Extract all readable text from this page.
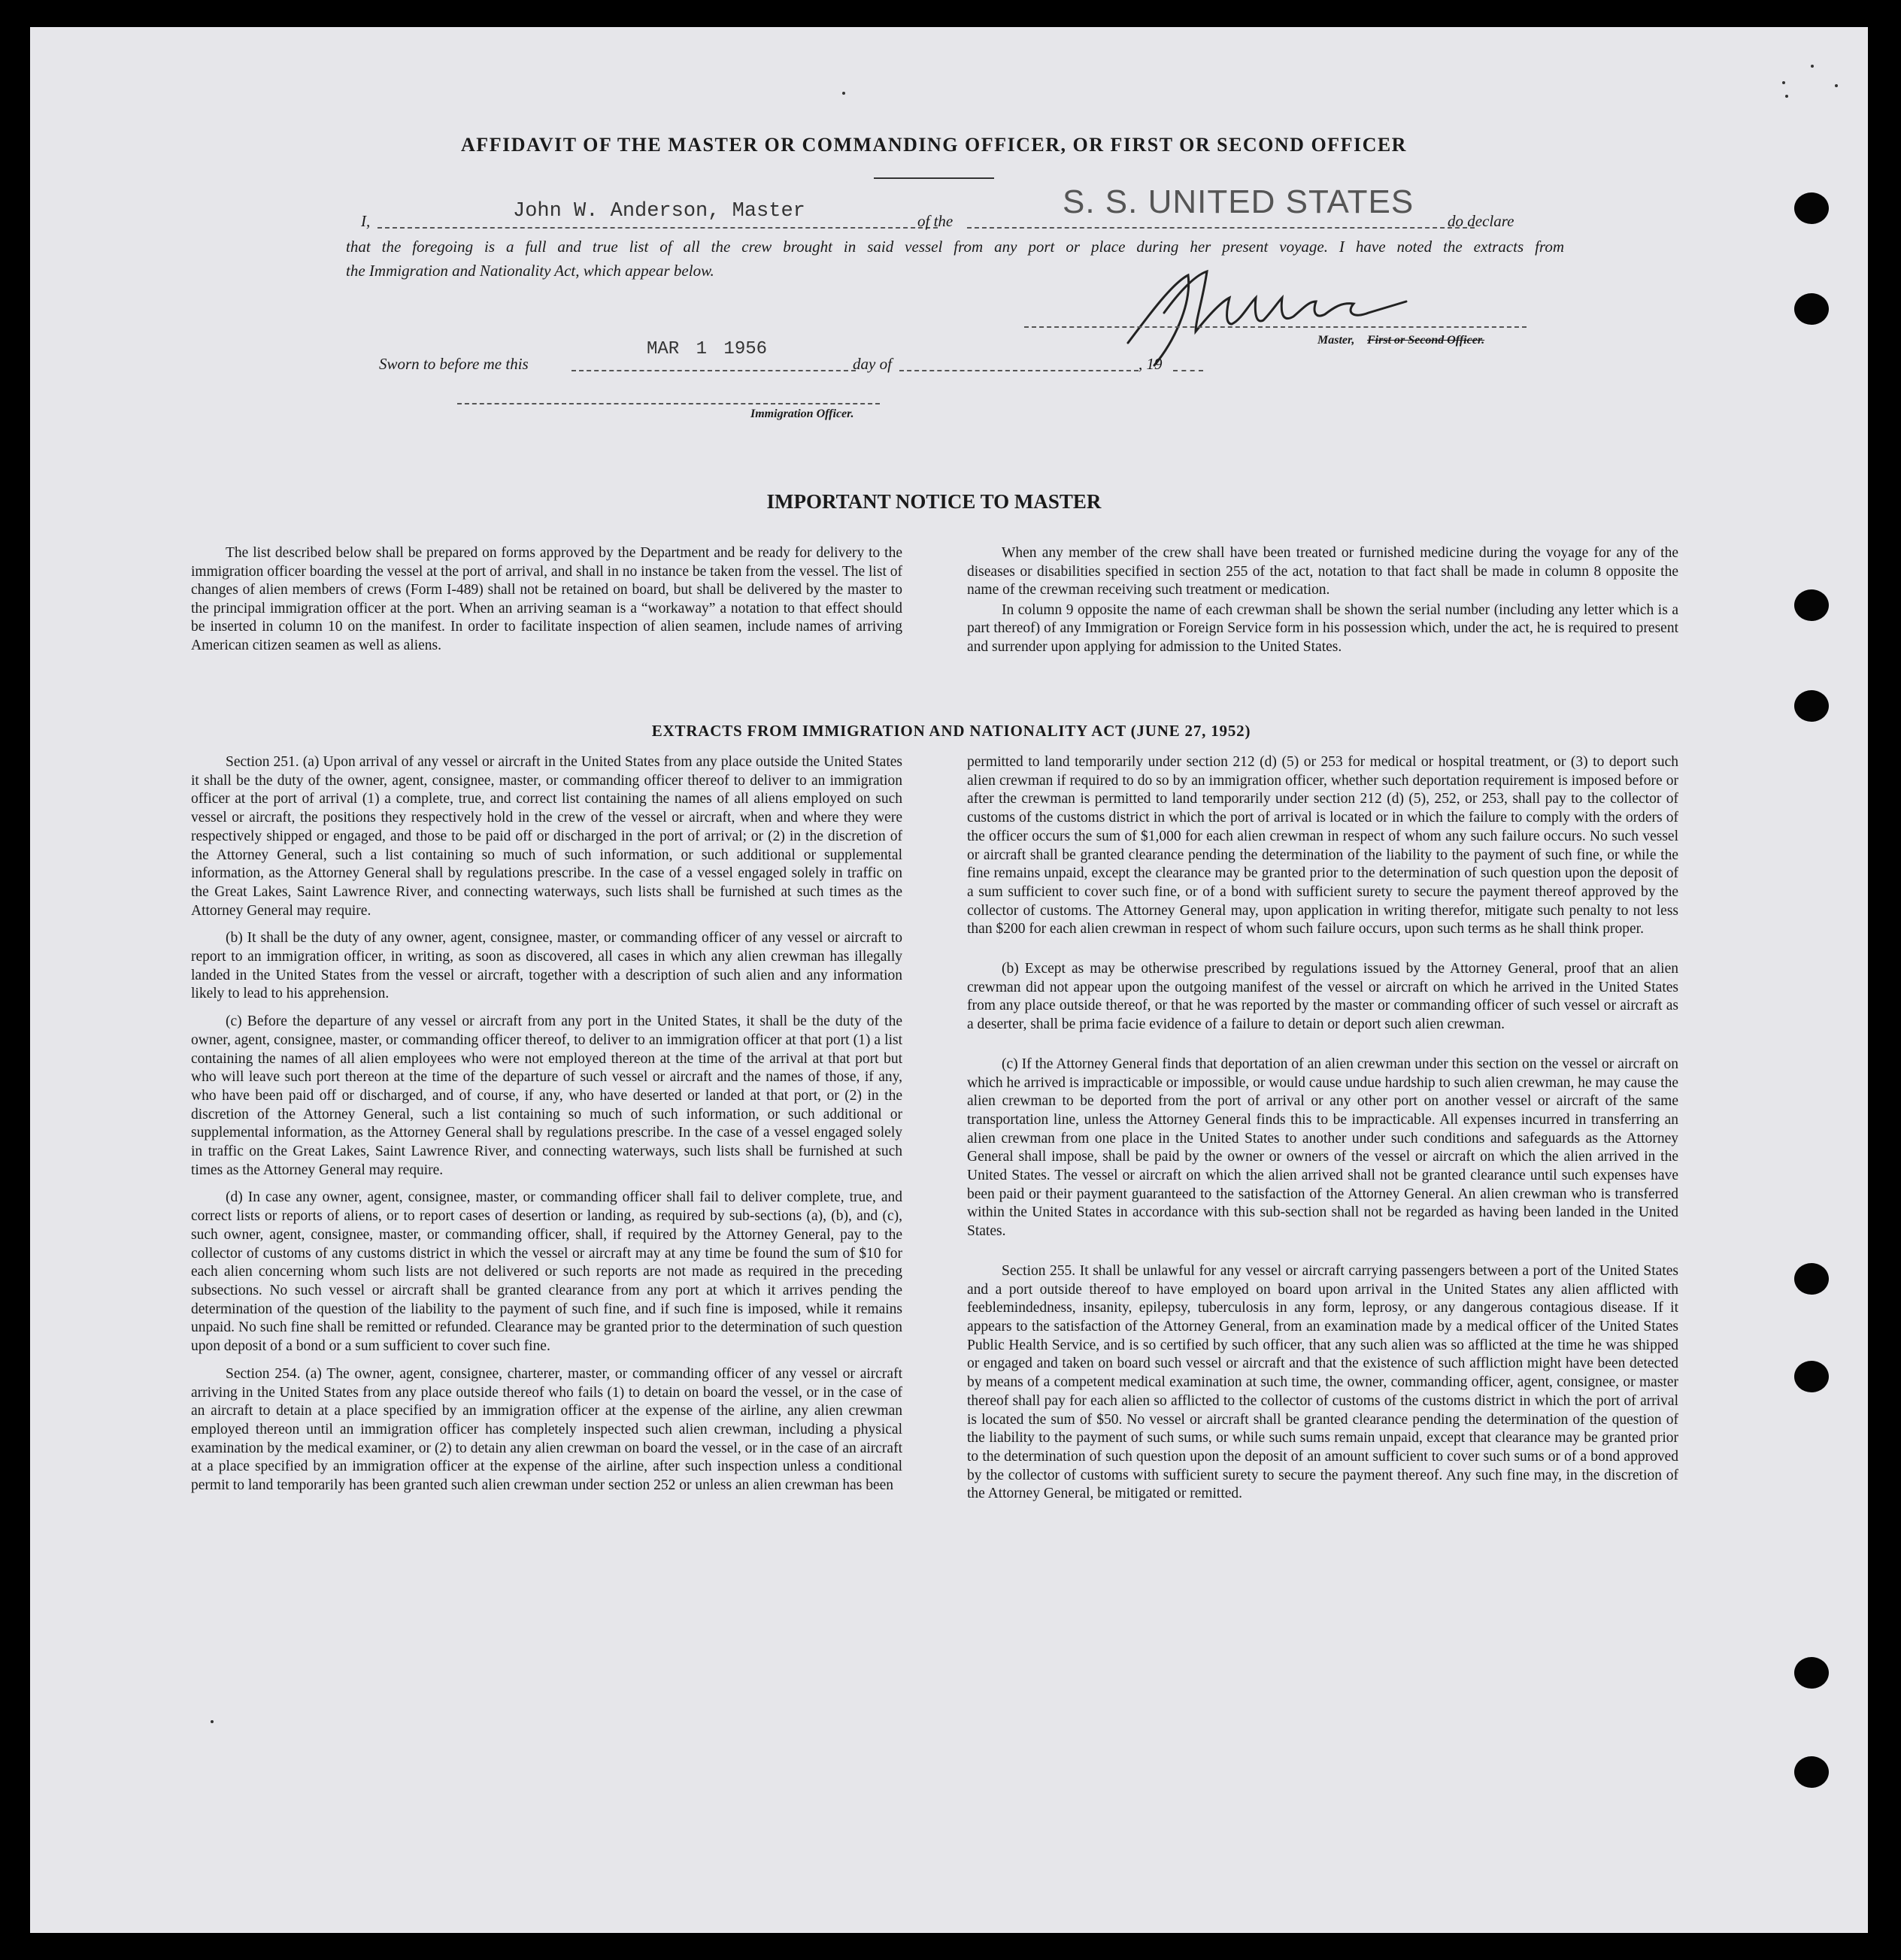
AFFIDAVIT OF THE MASTER OR COMMANDING OFFICER, OR FIRST OR SECOND OFFICER
I,	John W. Anderson, Master	of the
S. S. UNITED STATES
do declare
that the foregoing is a full and true list of all the crew brought in said vessel from any port or place during her present voyage. I have noted the extracts from
the Immigration and Nationality Act, which appear below.
Master, First or Second Officer.
Sworn to before me this
MAR 1 1956
day of	, 19
Immigration Officer.
IMPORTANT NOTICE TO MASTER

The list described below shall be prepared on forms approved by the Department and be ready for delivery to the immigration officer boarding the vessel at the port of arrival, and shall in no instance be taken from the vessel. The list of changes of alien members of crews (Form I-489) shall not be retained on board, but shall be delivered by the master to the principal immigration officer at the port. When an arriving seaman is a “workaway” a notation to that effect should be inserted in column 10 on the manifest. In order to facilitate inspection of alien seamen, include names of arriving American citizen seamen as well as aliens.

When any member of the crew shall have been treated or furnished medicine during the voyage for any of the diseases or disabilities specified in section 255 of the act, notation to that fact shall be made in column 8 opposite the name of the crewman receiving such treatment or medication.

In column 9 opposite the name of each crewman shall be shown the serial number (including any letter which is a part thereof) of any Immigration or Foreign Service form in his possession which, under the act, he is required to present and surrender upon applying for admission to the United States.

EXTRACTS FROM IMMIGRATION AND NATIONALITY ACT (JUNE 27, 1952)

Section 251. (a) Upon arrival of any vessel or aircraft in the United States from any place outside the United States it shall be the duty of the owner, agent, consignee, master, or commanding officer thereof to deliver to an immigration officer at the port of arrival (1) a complete, true, and correct list containing the names of all aliens employed on such vessel or aircraft, the positions they respectively hold in the crew of the vessel or aircraft, when and where they were respectively shipped or engaged, and those to be paid off or discharged in the port of arrival; or (2) in the discretion of the Attorney General, such a list containing so much of such information, or such additional or supplemental information, as the Attorney General shall by regulations prescribe. In the case of a vessel engaged solely in traffic on the Great Lakes, Saint Lawrence River, and connecting waterways, such lists shall be furnished at such times as the Attorney General may require.

(b) It shall be the duty of any owner, agent, consignee, master, or commanding officer of any vessel or aircraft to report to an immigration officer, in writing, as soon as discovered, all cases in which any alien crewman has illegally landed in the United States from the vessel or aircraft, together with a description of such alien and any information likely to lead to his apprehension.

(c) Before the departure of any vessel or aircraft from any port in the United States, it shall be the duty of the owner, agent, consignee, master, or commanding officer thereof, to deliver to an immigration officer at that port (1) a list containing the names of all alien employees who were not employed thereon at the time of the arrival at that port but who will leave such port thereon at the time of the departure of such vessel or aircraft and the names of those, if any, who have been paid off or discharged, and of course, if any, who have deserted or landed at that port, or (2) in the discretion of the Attorney General, such a list containing so much of such information, or such additional or supplemental information, as the Attorney General shall by regulations prescribe. In the case of a vessel engaged solely in traffic on the Great Lakes, Saint Lawrence River, and connecting waterways, such lists shall be furnished at such times as the Attorney General may require.

(d) In case any owner, agent, consignee, master, or commanding officer shall fail to deliver complete, true, and correct lists or reports of aliens, or to report cases of desertion or landing, as required by sub-sections (a), (b), and (c), such owner, agent, consignee, master, or commanding officer, shall, if required by the Attorney General, pay to the collector of customs of any customs district in which the vessel or aircraft may at any time be found the sum of $10 for each alien concerning whom such lists are not delivered or such reports are not made as required in the preceding subsections. No such vessel or aircraft shall be granted clearance from any port at which it arrives pending the determination of the question of the liability to the payment of such fine, and if such fine is imposed, while it remains unpaid. No such fine shall be remitted or refunded. Clearance may be granted prior to the determination of such question upon deposit of a bond or a sum sufficient to cover such fine.

Section 254. (a) The owner, agent, consignee, charterer, master, or commanding officer of any vessel or aircraft arriving in the United States from any place outside thereof who fails (1) to detain on board the vessel, or in the case of an aircraft to detain at a place specified by an immigration officer at the expense of the airline, any alien crewman employed thereon until an immigration officer has completely inspected such alien crewman, including a physical examination by the medical examiner, or (2) to detain any alien crewman on board the vessel, or in the case of an aircraft at a place specified by an immigration officer at the expense of the airline, after such inspection unless a conditional permit to land temporarily has been granted such alien crewman under section 252 or unless an alien crewman has been

permitted to land temporarily under section 212 (d) (5) or 253 for medical or hospital treatment, or (3) to deport such alien crewman if required to do so by an immigration officer, whether such deportation requirement is imposed before or after the crewman is permitted to land temporarily under section 212 (d) (5), 252, or 253, shall pay to the collector of customs of the customs district in which the port of arrival is located or in which the failure to comply with the orders of the officer occurs the sum of $1,000 for each alien crewman in respect of whom any such failure occurs. No such vessel or aircraft shall be granted clearance pending the determination of the liability to the payment of such fine, or while the fine remains unpaid, except the clearance may be granted prior to the determination of such question upon the deposit of a sum sufficient to cover such fine, or of a bond with sufficient surety to secure the payment thereof approved by the collector of customs. The Attorney General may, upon application in writing therefor, mitigate such penalty to not less than $200 for each alien crewman in respect of whom such failure occurs, upon such terms as he shall think proper.

(b) Except as may be otherwise prescribed by regulations issued by the Attorney General, proof that an alien crewman did not appear upon the outgoing manifest of the vessel or aircraft on which he arrived in the United States from any place outside thereof, or that he was reported by the master or commanding officer of such vessel or aircraft as a deserter, shall be prima facie evidence of a failure to detain or deport such alien crewman.

(c) If the Attorney General finds that deportation of an alien crewman under this section on the vessel or aircraft on which he arrived is impracticable or impossible, or would cause undue hardship to such alien crewman, he may cause the alien crewman to be deported from the port of arrival or any other port on another vessel or aircraft of the same transportation line, unless the Attorney General finds this to be impracticable. All expenses incurred in transferring an alien crewman from one place in the United States to another under such conditions and safeguards as the Attorney General shall impose, shall be paid by the owner or owners of the vessel or aircraft on which the alien arrived in the United States. The vessel or aircraft on which the alien arrived shall not be granted clearance until such expenses have been paid or their payment guaranteed to the satisfaction of the Attorney General. An alien crewman who is transferred within the United States in accordance with this sub-section shall not be regarded as having been landed in the United States.

Section 255. It shall be unlawful for any vessel or aircraft carrying passengers between a port of the United States and a port outside thereof to have employed on board upon arrival in the United States any alien afflicted with feeblemindedness, insanity, epilepsy, tuberculosis in any form, leprosy, or any dangerous contagious disease. If it appears to the satisfaction of the Attorney General, from an examination made by a medical officer of the United States Public Health Service, and is so certified by such officer, that any such alien was so afflicted at the time he was shipped or engaged and taken on board such vessel or aircraft and that the existence of such affliction might have been detected by means of a competent medical examination at such time, the owner, commanding officer, agent, consignee, or master thereof shall pay for each alien so afflicted to the collector of customs of the customs district in which the port of arrival is located the sum of $50. No vessel or aircraft shall be granted clearance pending the determination of the question of the liability to the payment of such sums, or while such sums remain unpaid, except that clearance may be granted prior to the determination of such question upon the deposit of an amount sufficient to cover such sums or of a bond approved by the collector of customs with sufficient surety to secure the payment thereof. Any such fine may, in the discretion of the Attorney General, be mitigated or remitted.
